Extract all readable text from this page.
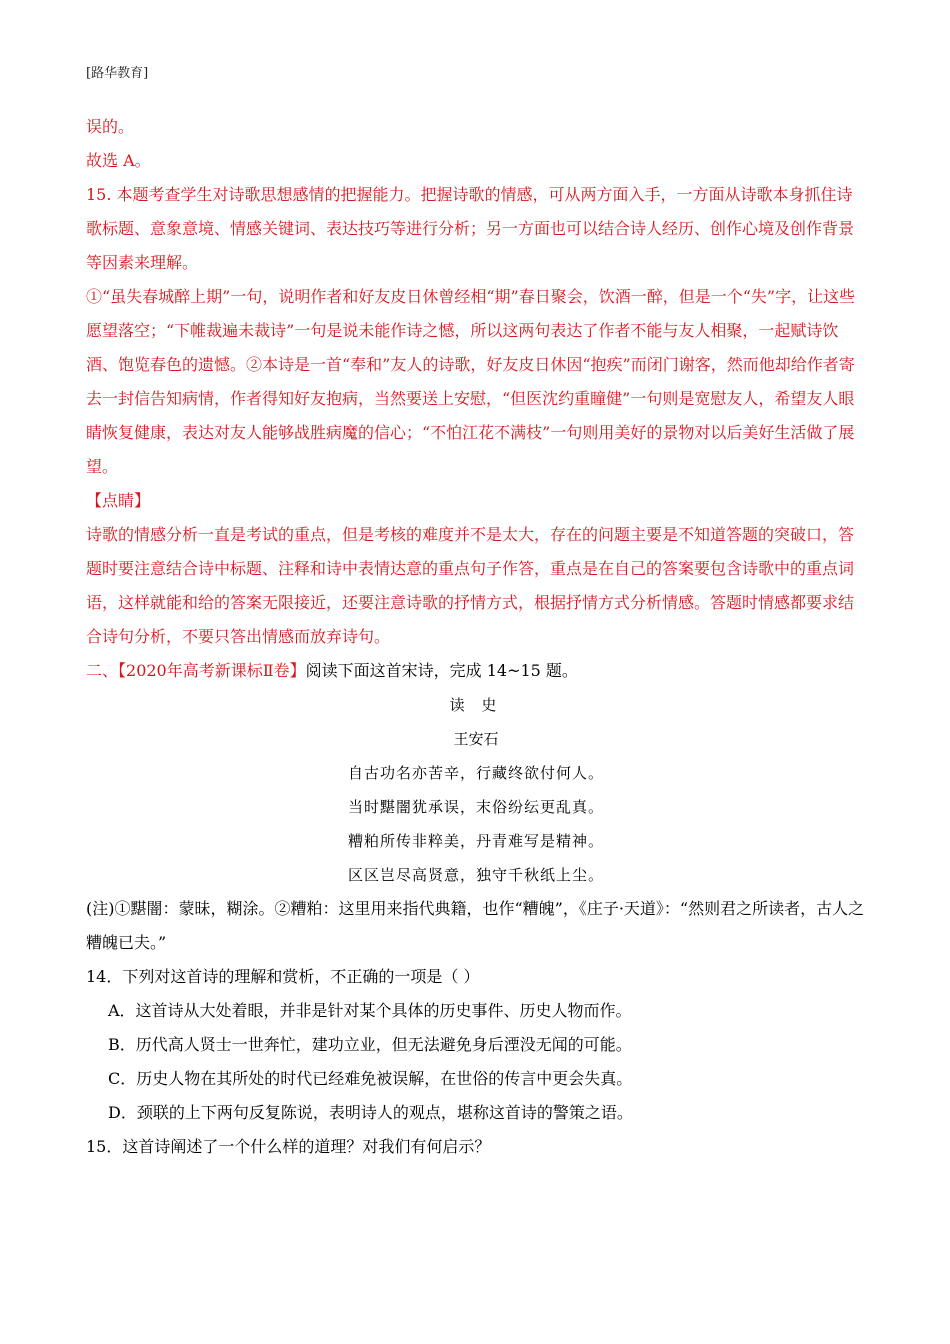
[路华教育]

误的。

故选 A。

15. 本题考查学生对诗歌思想感情的把握能力。把握诗歌的情感，可从两方面入手，一方面从诗歌本身抓住诗歌标题、意象意境、情感关键词、表达技巧等进行分析；另一方面也可以结合诗人经历、创作心境及创作背景等因素来理解。

①“虽失春城醉上期”一句，说明作者和好友皮日休曾经相“期”春日聚会，饮酒一醉，但是一个“失”字，让这些愿望落空；“下帷裁遍未裁诗”一句是说未能作诗之憾，所以这两句表达了作者不能与友人相聚，一起赋诗饮酒、饱览春色的遗憾。②本诗是一首“奉和”友人的诗歌，好友皮日休因“抱疾”而闭门谢客，然而他却给作者寄去一封信告知病情，作者得知好友抱病，当然要送上安慰，“但医沈约重瞳健”一句则是宽慰友人，希望友人眼睛恢复健康，表达对友人能够战胜病魔的信心；“不怕江花不满枝”一句则用美好的景物对以后美好生活做了展望。

【点睛】

诗歌的情感分析一直是考试的重点，但是考核的难度并不是太大，存在的问题主要是不知道答题的突破口，答题时要注意结合诗中标题、注释和诗中表情达意的重点句子作答，重点是在自己的答案要包含诗歌中的重点词语，这样就能和给的答案无限接近，还要注意诗歌的抒情方式，根据抒情方式分析情感。答题时情感都要求结合诗句分析，不要只答出情感而放弃诗句。

二、【2020年高考新课标Ⅱ卷】阅读下面这首宋诗，完成 14~15 题。

读 史

王安石

自古功名亦苦辛，行藏终欲付何人。

当时黮闇犹承误，末俗纷纭更乱真。

糟粕所传非粹美，丹青难写是精神。

区区岂尽高贤意，独守千秋纸上尘。

(注)①黮闇：蒙昧，糊涂。②糟粕：这里用来指代典籍，也作“糟魄”，《庄子·天道》：“然则君之所读者，古人之糟魄已夫。”

14．下列对这首诗的理解和赏析，不正确的一项是（ ）

A．这首诗从大处着眼，并非是针对某个具体的历史事件、历史人物而作。

B．历代高人贤士一世奔忙，建功立业，但无法避免身后湮没无闻的可能。

C．历史人物在其所处的时代已经难免被误解，在世俗的传言中更会失真。

D．颈联的上下两句反复陈说，表明诗人的观点，堪称这首诗的警策之语。

15．这首诗阐述了一个什么样的道理？对我们有何启示？
